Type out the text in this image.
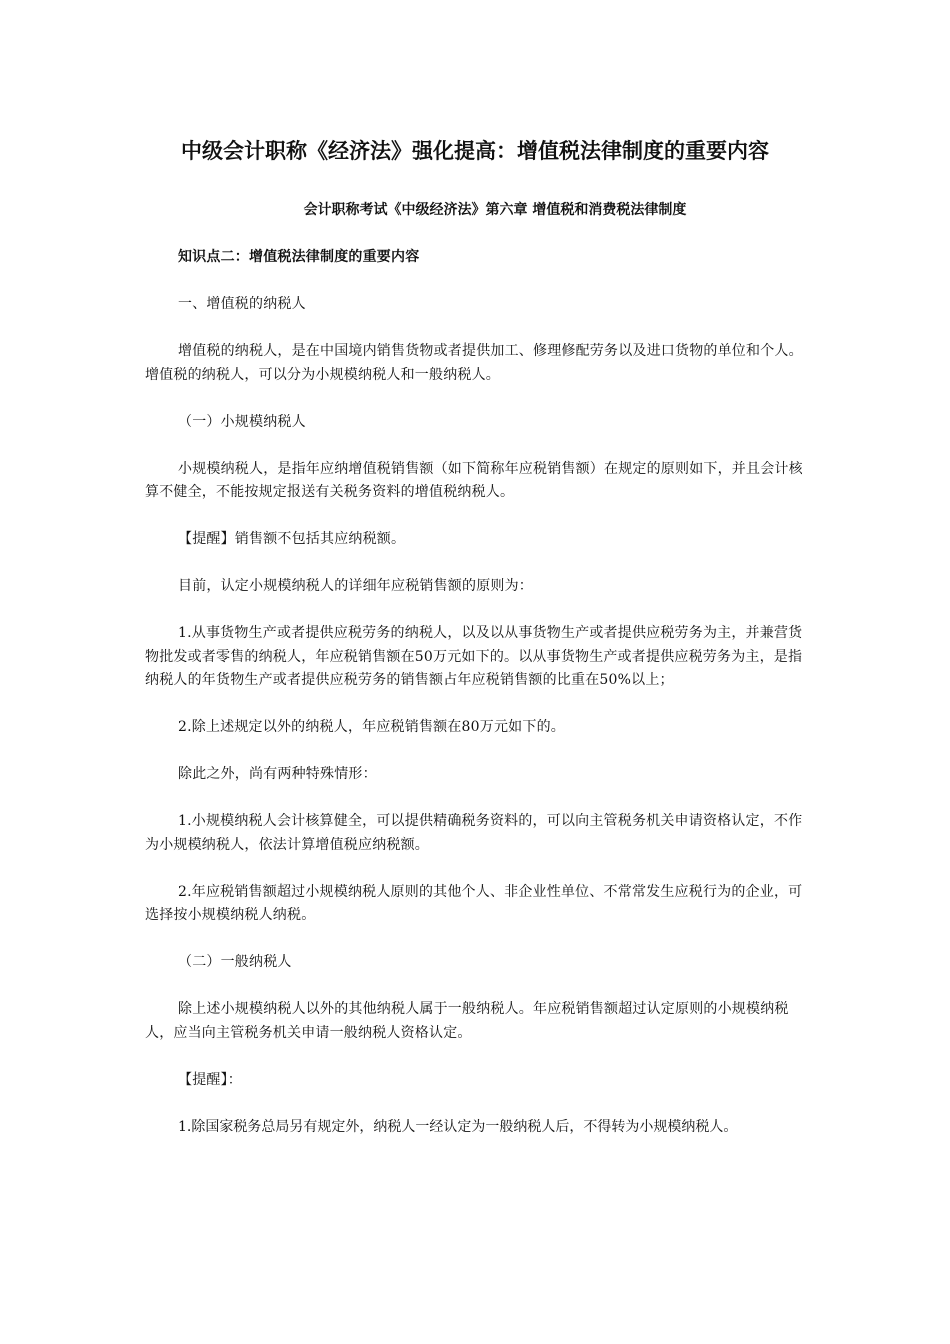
中级会计职称《经济法》强化提高：增值税法律制度的重要内容
会计职称考试《中级经济法》第六章 增值税和消费税法律制度

知识点二：增值税法律制度的重要内容

一、增值税的纳税人

增值税的纳税人，是在中国境内销售货物或者提供加工、修理修配劳务以及进口货物的单位和个人。增值税的纳税人，可以分为小规模纳税人和一般纳税人。

（一）小规模纳税人

小规模纳税人，是指年应纳增值税销售额（如下简称年应税销售额）在规定的原则如下，并且会计核算不健全，不能按规定报送有关税务资料的增值税纳税人。

【提醒】销售额不包括其应纳税额。

目前，认定小规模纳税人的详细年应税销售额的原则为：

1.从事货物生产或者提供应税劳务的纳税人，以及以从事货物生产或者提供应税劳务为主，并兼营货物批发或者零售的纳税人，年应税销售额在50万元如下的。以从事货物生产或者提供应税劳务为主，是指纳税人的年货物生产或者提供应税劳务的销售额占年应税销售额的比重在50%以上；

2.除上述规定以外的纳税人，年应税销售额在80万元如下的。

除此之外，尚有两种特殊情形：

1.小规模纳税人会计核算健全，可以提供精确税务资料的，可以向主管税务机关申请资格认定，不作为小规模纳税人，依法计算增值税应纳税额。

2.年应税销售额超过小规模纳税人原则的其他个人、非企业性单位、不常常发生应税行为的企业，可选择按小规模纳税人纳税。

（二）一般纳税人

除上述小规模纳税人以外的其他纳税人属于一般纳税人。年应税销售额超过认定原则的小规模纳税人，应当向主管税务机关申请一般纳税人资格认定。

【提醒】：

1.除国家税务总局另有规定外，纳税人一经认定为一般纳税人后，不得转为小规模纳税人。
